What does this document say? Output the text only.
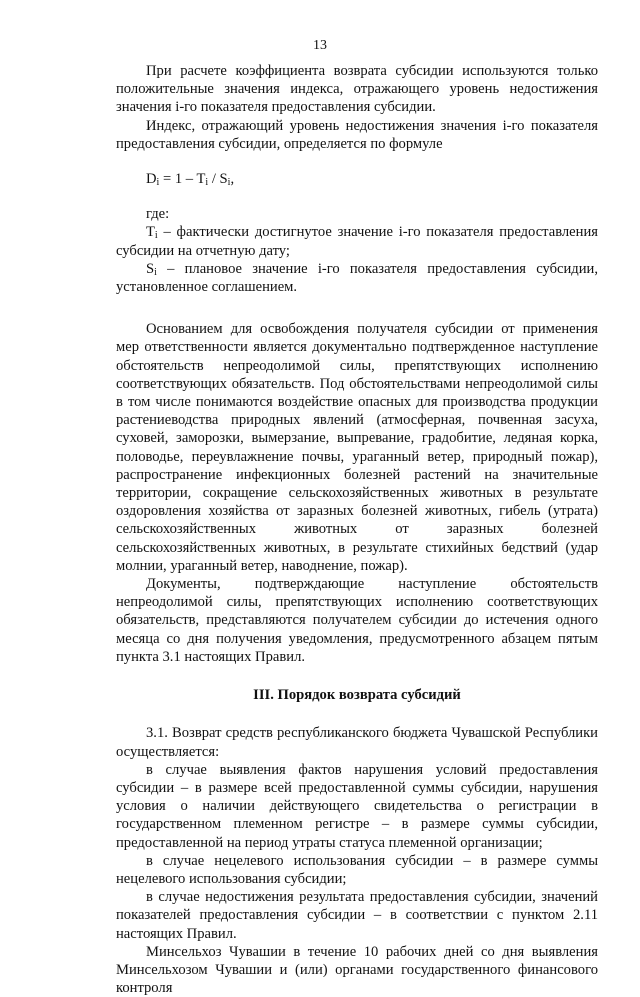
13

При расчете коэффициента возврата субсидии используются только положительные значения индекса, отражающего уровень недостижения значения i-го показателя предоставления субсидии.

Индекс, отражающий уровень недостижения значения i-го показателя предоставления субсидии, определяется по формуле

$D_i = 1 - T_i / S_i$,

где:

$T_i$ – фактически достигнутое значение i-го показателя предоставления субсидии на отчетную дату;

$S_i$ – плановое значение i-го показателя предоставления субсидии, установленное соглашением.

Основанием для освобождения получателя субсидии от применения мер ответственности является документально подтвержденное наступление обстоятельств непреодолимой силы, препятствующих исполнению соответствующих обязательств. Под обстоятельствами непреодолимой силы в том числе понимаются воздействие опасных для производства продукции растениеводства природных явлений (атмосферная, почвенная засуха, суховей, заморозки, вымерзание, выпревание, градобитие, ледяная корка, половодье, переувлажнение почвы, ураганный ветер, природный пожар), распространение инфекционных болезней растений на значительные территории, сокращение сельскохозяйственных животных в результате оздоровления хозяйства от заразных болезней животных, гибель (утрата) сельскохозяйственных животных от заразных болезней сельскохозяйственных животных, в результате стихийных бедствий (удар молнии, ураганный ветер, наводнение, пожар).

Документы, подтверждающие наступление обстоятельств непреодолимой силы, препятствующих исполнению соответствующих обязательств, представляются получателем субсидии до истечения одного месяца со дня получения уведомления, предусмотренного абзацем пятым пункта 3.1 настоящих Правил.

III. Порядок возврата субсидий

3.1. Возврат средств республиканского бюджета Чувашской Республики осуществляется:

в случае выявления фактов нарушения условий предоставления субсидии – в размере всей предоставленной суммы субсидии, нарушения условия о наличии действующего свидетельства о регистрации в государственном племенном регистре – в размере суммы субсидии, предоставленной на период утраты статуса племенной организации;

в случае нецелевого использования субсидии – в размере суммы нецелевого использования субсидии;

в случае недостижения результата предоставления субсидии, значений показателей предоставления субсидии – в соответствии с пунктом 2.11 настоящих Правил.

Минсельхоз Чувашии в течение 10 рабочих дней со дня выявления Минсельхозом Чувашии и (или) органами государственного финансового контроля
